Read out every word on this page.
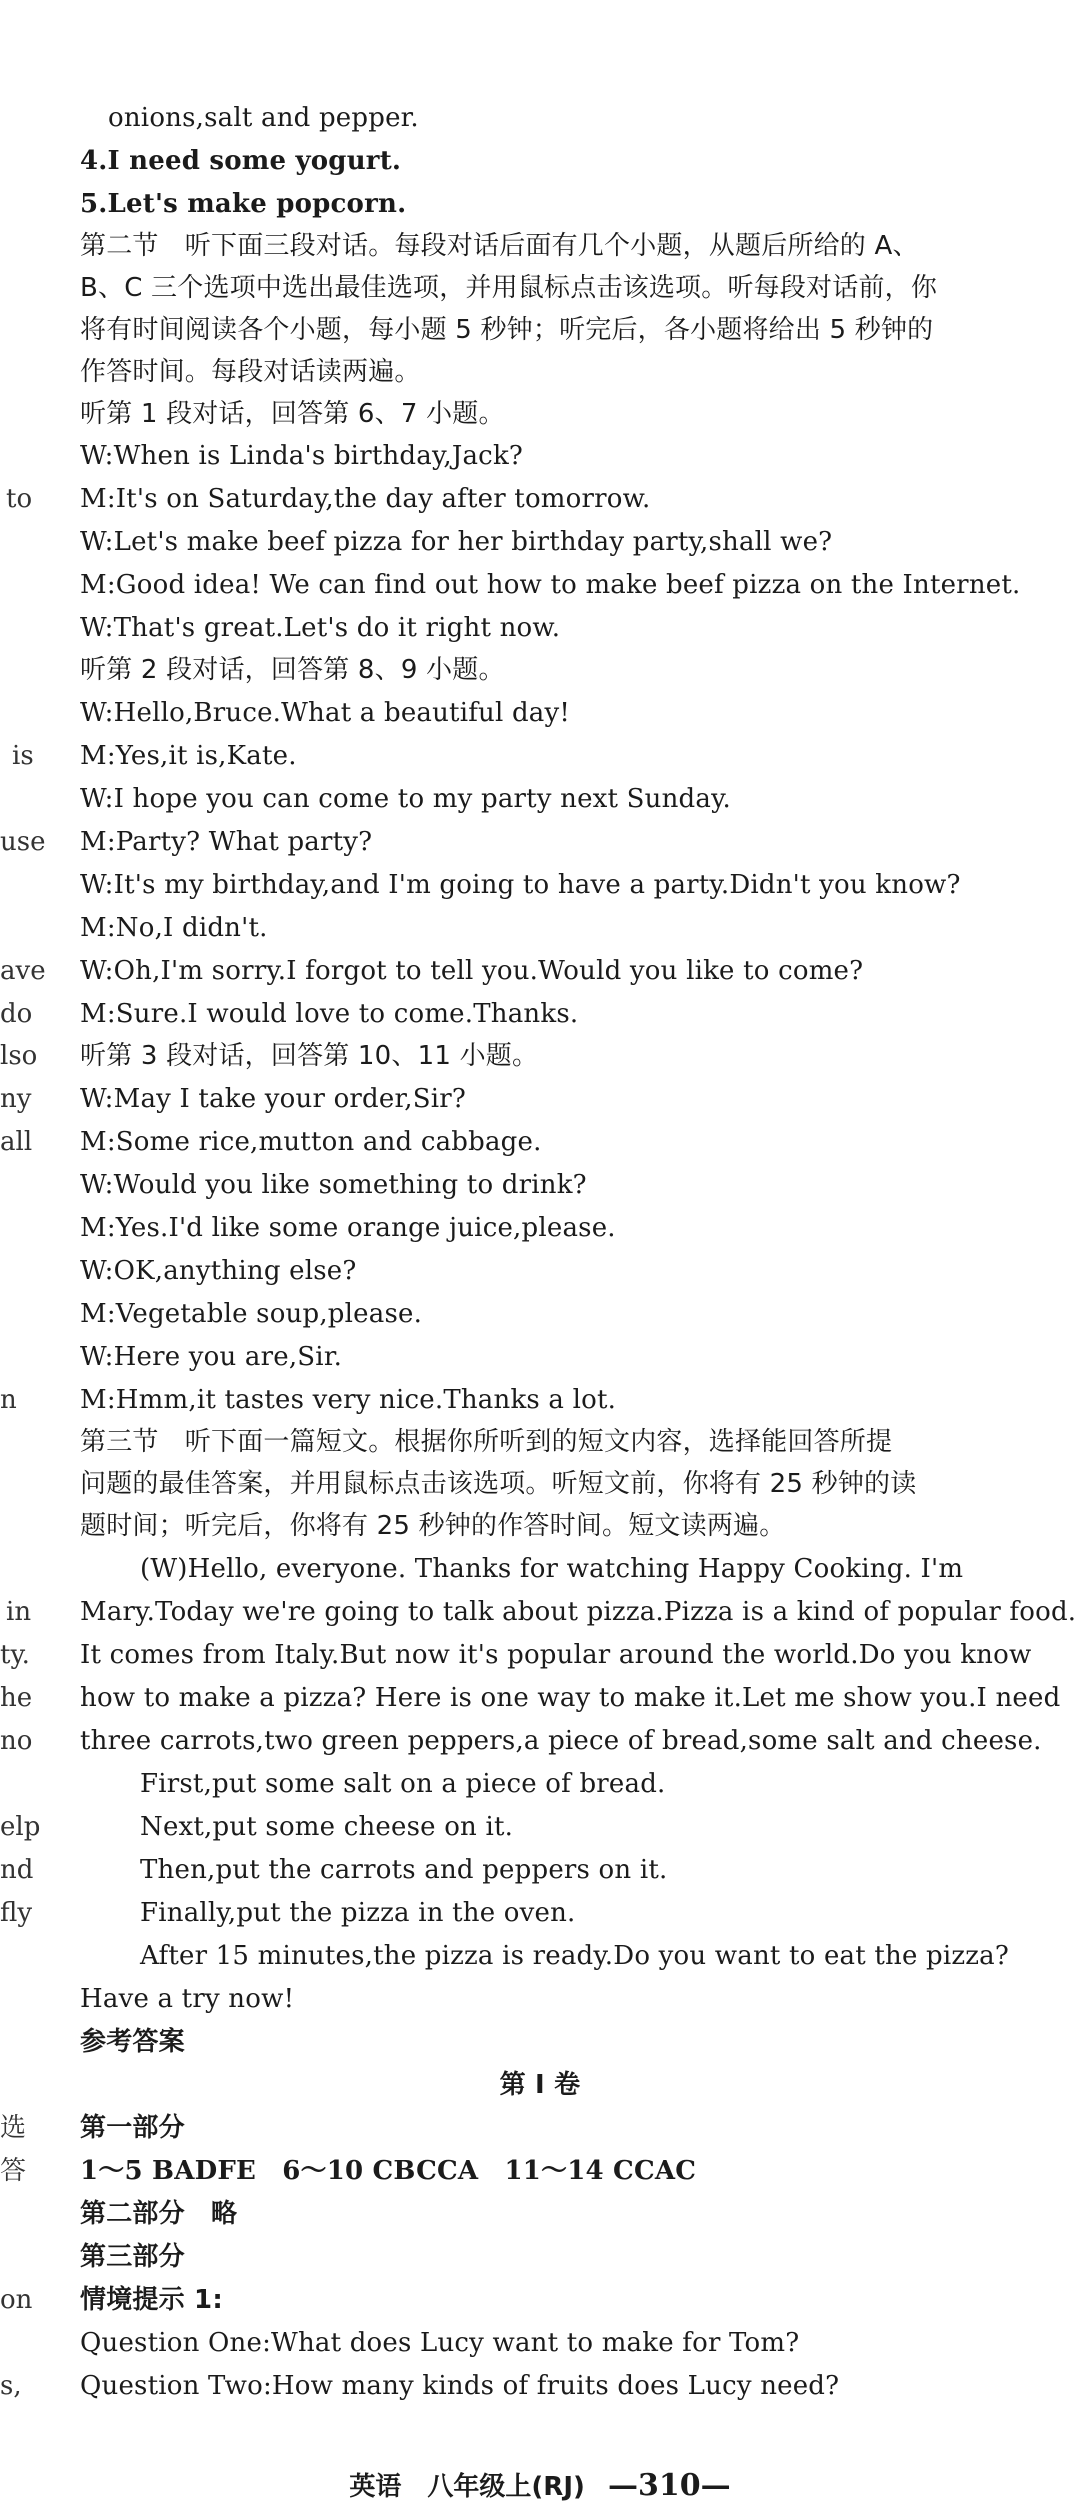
onions,salt and pepper.
4.I need some yogurt.
5.Let's make popcorn.
第二节　听下面三段对话。每段对话后面有几个小题，从题后所给的 A、
B、C 三个选项中选出最佳选项，并用鼠标点击该选项。听每段对话前，你
将有时间阅读各个小题，每小题 5 秒钟；听完后，各小题将给出 5 秒钟的
作答时间。每段对话读两遍。
听第 1 段对话，回答第 6、7 小题。
W:When is Linda's birthday,Jack?
M:It's on Saturday,the day after tomorrow.
W:Let's make beef pizza for her birthday party,shall we?
M:Good idea! We can find out how to make beef pizza on the Internet.
W:That's great.Let's do it right now.
听第 2 段对话，回答第 8、9 小题。
W:Hello,Bruce.What a beautiful day!
M:Yes,it is,Kate.
W:I hope you can come to my party next Sunday.
M:Party? What party?
W:It's my birthday,and I'm going to have a party.Didn't you know?
M:No,I didn't.
W:Oh,I'm sorry.I forgot to tell you.Would you like to come?
M:Sure.I would love to come.Thanks.
听第 3 段对话，回答第 10、11 小题。
W:May I take your order,Sir?
M:Some rice,mutton and cabbage.
W:Would you like something to drink?
M:Yes.I'd like some orange juice,please.
W:OK,anything else?
M:Vegetable soup,please.
W:Here you are,Sir.
M:Hmm,it tastes very nice.Thanks a lot.
第三节　听下面一篇短文。根据你所听到的短文内容，选择能回答所提
问题的最佳答案，并用鼠标点击该选项。听短文前，你将有 25 秒钟的读
题时间；听完后，你将有 25 秒钟的作答时间。短文读两遍。
(W)Hello, everyone. Thanks for watching Happy Cooking. I'm
Mary.Today we're going to talk about pizza.Pizza is a kind of popular food.
It comes from Italy.But now it's popular around the world.Do you know
how to make a pizza? Here is one way to make it.Let me show you.I need
three carrots,two green peppers,a piece of bread,some salt and cheese.
First,put some salt on a piece of bread.
Next,put some cheese on it.
Then,put the carrots and peppers on it.
Finally,put the pizza in the oven.
After 15 minutes,the pizza is ready.Do you want to eat the pizza?
Have a try now!
参考答案
第 I 卷
第一部分
1～5 BADFE　6～10 CBCCA　11～14 CCAC
第二部分　略
第三部分
情境提示 1:
Question One:What does Lucy want to make for Tom?
Question Two:How many kinds of fruits does Lucy need?
to
is
use
ave
do
lso
ny
all
n
in
ty.
he
no
elp
nd
fly
选
答
on
s,
英语　八年级上(RJ) —310—
